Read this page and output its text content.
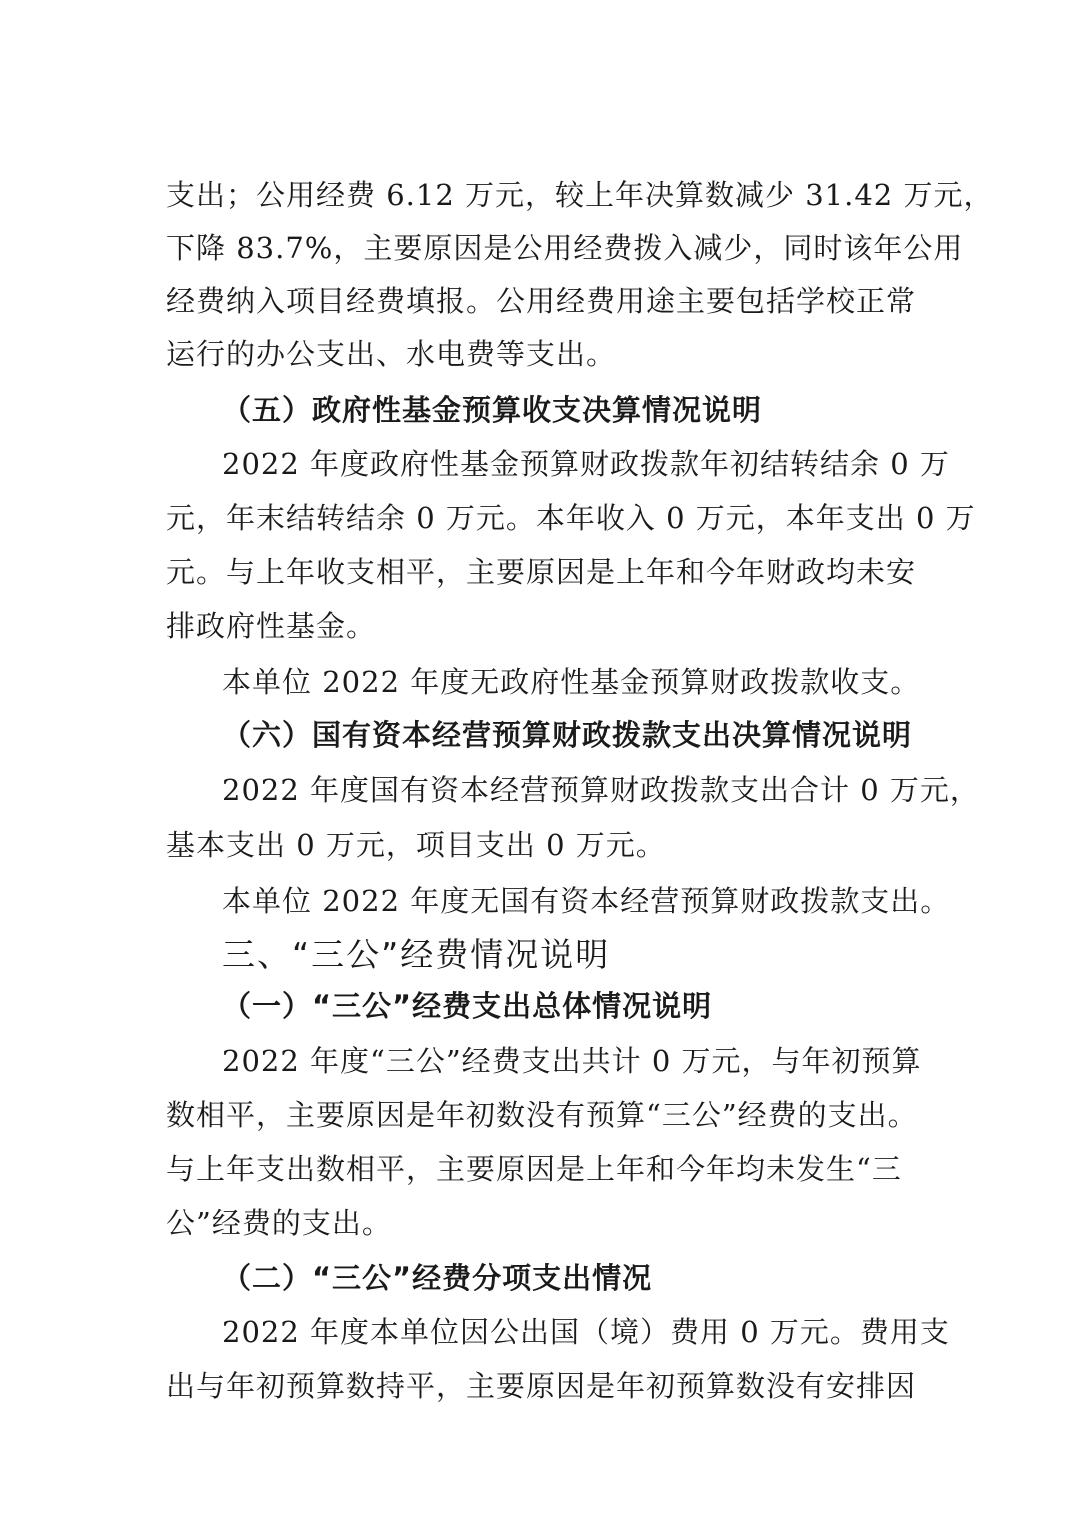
支出；公用经费 6.12 万元，较上年决算数减少 31.42 万元，

下降 83.7%，主要原因是公用经费拨入减少，同时该年公用

经费纳入项目经费填报。公用经费用途主要包括学校正常

运行的办公支出、水电费等支出。

（五）政府性基金预算收支决算情况说明

2022 年度政府性基金预算财政拨款年初结转结余 0 万

元，年末结转结余 0 万元。本年收入 0 万元，本年支出 0 万

元。与上年收支相平，主要原因是上年和今年财政均未安

排政府性基金。

本单位 2022 年度无政府性基金预算财政拨款收支。

（六）国有资本经营预算财政拨款支出决算情况说明

2022 年度国有资本经营预算财政拨款支出合计 0 万元，

基本支出 0 万元，项目支出 0 万元。

本单位 2022 年度无国有资本经营预算财政拨款支出。

三、“三公”经费情况说明

（一）“三公”经费支出总体情况说明

2022 年度“三公”经费支出共计 0 万元，与年初预算

数相平，主要原因是年初数没有预算“三公”经费的支出。

与上年支出数相平，主要原因是上年和今年均未发生“三

公”经费的支出。

（二）“三公”经费分项支出情况

2022 年度本单位因公出国（境）费用 0 万元。费用支

出与年初预算数持平，主要原因是年初预算数没有安排因
